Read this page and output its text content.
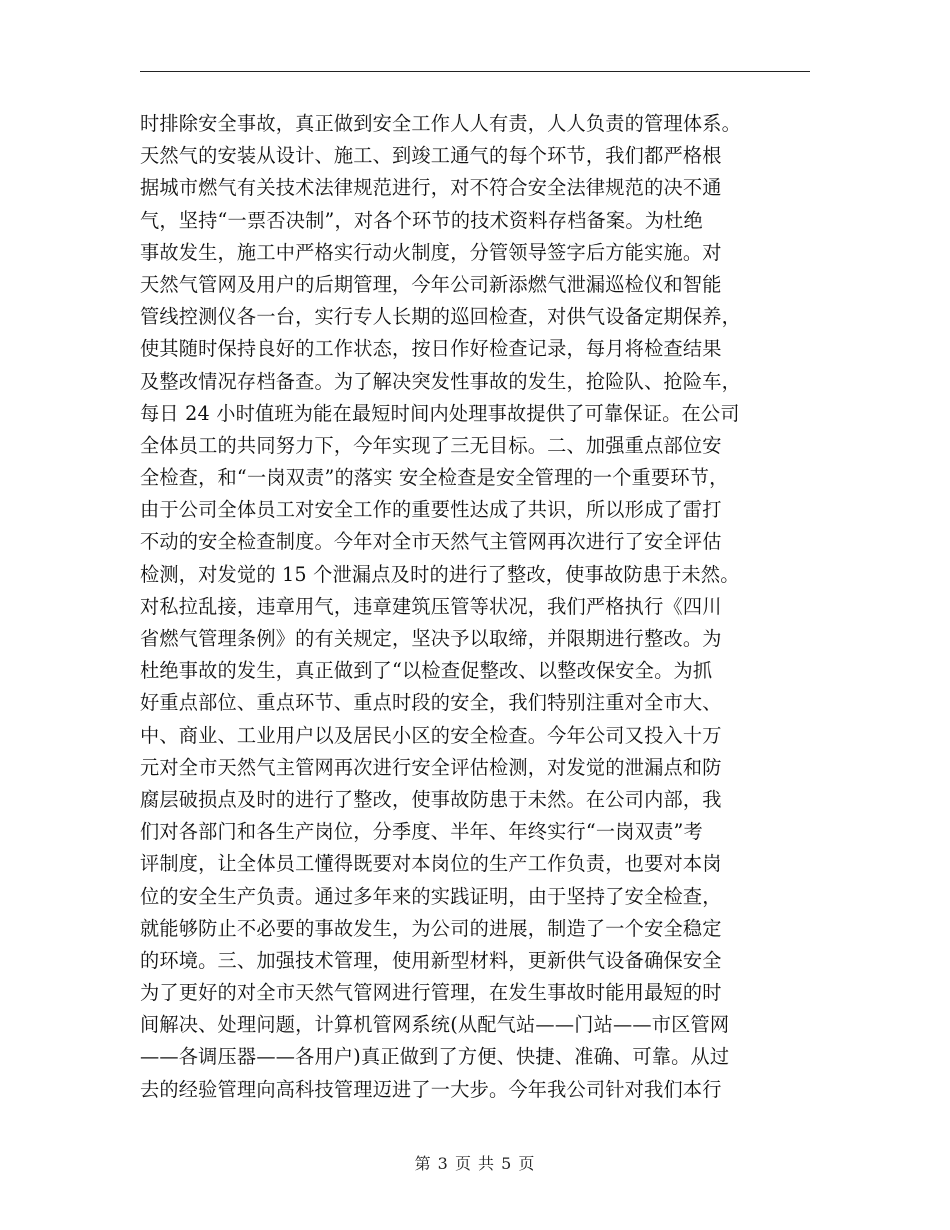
时排除安全事故，真正做到安全工作人人有责，人人负责的管理体系。
天然气的安装从设计、施工、到竣工通气的每个环节，我们都严格根
据城市燃气有关技术法律规范进行，对不符合安全法律规范的决不通
气，坚持“一票否决制”，对各个环节的技术资料存档备案。为杜绝
事故发生，施工中严格实行动火制度，分管领导签字后方能实施。对
天然气管网及用户的后期管理，今年公司新添燃气泄漏巡检仪和智能
管线控测仪各一台，实行专人长期的巡回检查，对供气设备定期保养，
使其随时保持良好的工作状态，按日作好检查记录，每月将检查结果
及整改情况存档备查。为了解决突发性事故的发生，抢险队、抢险车，
每日 24 小时值班为能在最短时间内处理事故提供了可靠保证。在公司
全体员工的共同努力下，今年实现了三无目标。二、加强重点部位安
全检查，和“一岗双责”的落实 安全检查是安全管理的一个重要环节，
由于公司全体员工对安全工作的重要性达成了共识，所以形成了雷打
不动的安全检查制度。今年对全市天然气主管网再次进行了安全评估
检测，对发觉的 15 个泄漏点及时的进行了整改，使事故防患于未然。
对私拉乱接，违章用气，违章建筑压管等状况，我们严格执行《四川
省燃气管理条例》的有关规定，坚决予以取缔，并限期进行整改。为
杜绝事故的发生，真正做到了“以检查促整改、以整改保安全。为抓
好重点部位、重点环节、重点时段的安全，我们特别注重对全市大、
中、商业、工业用户以及居民小区的安全检查。今年公司又投入十万
元对全市天然气主管网再次进行安全评估检测，对发觉的泄漏点和防
腐层破损点及时的进行了整改，使事故防患于未然。在公司内部，我
们对各部门和各生产岗位，分季度、半年、年终实行“一岗双责”考
评制度，让全体员工懂得既要对本岗位的生产工作负责，也要对本岗
位的安全生产负责。通过多年来的实践证明，由于坚持了安全检查，
就能够防止不必要的事故发生，为公司的进展，制造了一个安全稳定
的环境。三、加强技术管理，使用新型材料，更新供气设备确保安全
为了更好的对全市天然气管网进行管理，在发生事故时能用最短的时
间解决、处理问题，计算机管网系统(从配气站——门站——市区管网
——各调压器——各用户)真正做到了方便、快捷、准确、可靠。从过
去的经验管理向高科技管理迈进了一大步。今年我公司针对我们本行
第 3 页 共 5 页
